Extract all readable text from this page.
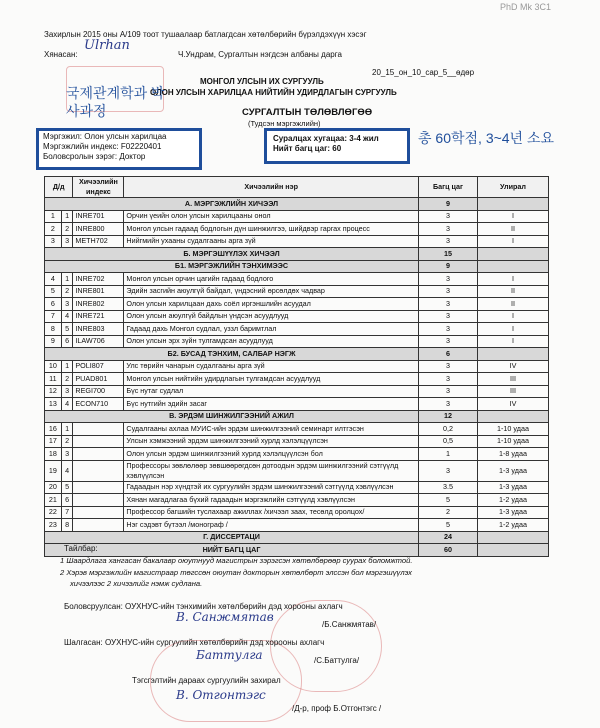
PhD Mk 3C1
Захирлын 2015 оны А/109 тоот тушаалаар батлагдсан хөтөлбөрийн бүрэлдэхүүн хэсэг
Хянасан:
Ulrhan
Ч.Ундрам, Сургалтын нэгдсэн албаны дарга
20_15_он_10_сар_5__өдөр
МОНГОЛ УЛСЫН ИХ СУРГУУЛЬ
ОЛОН УЛСЫН ХАРИЛЦАА НИЙТИЙН УДИРДЛАГЫН СУРГУУЛЬ
СУРГАЛТЫН ТӨЛӨВЛӨГӨӨ
(Тудсэн мэргэжлийн)
Мэргэжил: Олон улсын харилцаа
Мэргэжлийн индекс: F02220401
Боловсролын зэрэг: Доктор
Суралцах хугацаа: 3-4 жил
Нийт багц цаг: 60
국제관계학과 박사과정
총 60학점, 3~4년 소요
Д/д		Хичээлийн индекс	Хичээлийн нэр	Багц цаг	Улирал
А. МЭРГЭЖЛИЙН ХИЧЭЭЛ				9	
1	1	INRE701	Орчин үеийн олон улсын харилцааны онол	3	I
2	2	INRE800	Монгол улсын гадаад бодлогын дүн шинжилгээ, шийдвэр гаргах процесс	3	II
3	3	METH702	Нийгмийн ухааны судалгааны арга зүй	3	I
Б. МЭРГЭШҮҮЛЭХ ХИЧЭЭЛ				15	
Б1. МЭРГЭЖЛИЙН ТЭНХИМЭЭС				9	
4	1	INRE702	Монгол улсын орчин цагийн гадаад бодлого	3	I
5	2	INRE801	Эдийн засгийн аюулгүй байдал, үндэсний өрсөлдөх чадвар	3	II
6	3	INRE802	Олон улсын харилцаан дахь соёл иргэншлийн асуудал	3	II
7	4	INRE721	Олон улсын аюулгүй байдлын үндсэн асуудлууд	3	I
8	5	INRE803	Гадаад дахь Монгол судлал, уззл баримтлал	3	I
9	6	ILAW706	Олон улсын эрх зүйн тулгамдсан асуудлууд	3	I
Б2. БУСАД ТЭНХИМ, САЛБАР НЭГЖ				6	
10	1	POLI807	Улс төрийн чанарын судалгааны арга зүй	3	IV
11	2	PUAD801	Монгол улсын нийтийн удирдлагын тулгамдсан асуудлууд	3	III
12	3	REGI700	Бүс нутаг судлал	3	III
13	4	ECON710	Бүс нутгийн эдийн засаг	3	IV
В. ЭРДЭМ ШИНЖИЛГЭЭНИЙ АЖИЛ				12	
16	1		Судалгааны ахлаа МУИС-ийн эрдэм шинжилгээний семинарт илтгэсэн	0,2	1-10 удаа
17	2		Улсын хэмжээний эрдэм шинжилгээний хурлд хэлэлцүүлсэн	0,5	1-10 удаа
18	3		Олон улсын эрдэм шинжилгээний хурлд хэлэлцүүлсэн бол	1	1-8 удаа
19	4		Профессоры зөвлөлөөр зөвшөөрөгдсөн дотоодын эрдэм шинжилгээний сэтгүүлд хэвлүүлсэн	3	1-3 удаа
20	5		Гадаадын нэр хүндтэй их сургуулийн эрдэм шинжилгээний сэтгүүлд хэвлүүлсэн	3.5	1-3 удаа
21	6		Хянан магадлагаа бүхий гадаадын мэргэжлийн сэтгүүлд хэвлүүлсэн	5	1-2 удаа
22	7		Профессор багшийн туслахаар ажиллах /хичээл заах, тесөлд оролцох/	2	1-3 удаа
23	8		Нэг сэдэвт бүтээл /монограф /	5	1-2 удаа
Г. ДИССЕРТАЦИ				24	
НИЙТ БАГЦ ЦАГ				60	
Тайлбар:
1 Шаардлага хангасан бакалавр оюутнууд магистрын зэрэгсэн хөтөлбөрөөр суурах боломжтой.
2 Хэрэв мэргэжлийн магистраар төгссөн оюутан докторын хөтөлбөрт элссэн бол мэргэшүүлэх
хичээлээс 2 хичээлийг нэмж судлана.
Боловсруулсан: ОУХНУС-ийн тэнхимийн хөтөлбөрийн дэд хорооны ахлагч
B. Санжмятав
/Б.Санжмятав/
Шалгасан: ОУХНУС-ийн сургуулийн хөтөлбөрийн дэд хорооны ахлагч
Баттулга	/С.Баттулга/
Тэгсгэлтийн дараах сургуулийн захирал
B. Отгонтэгс
/Д-р, проф Б.Отгонтэгс /
